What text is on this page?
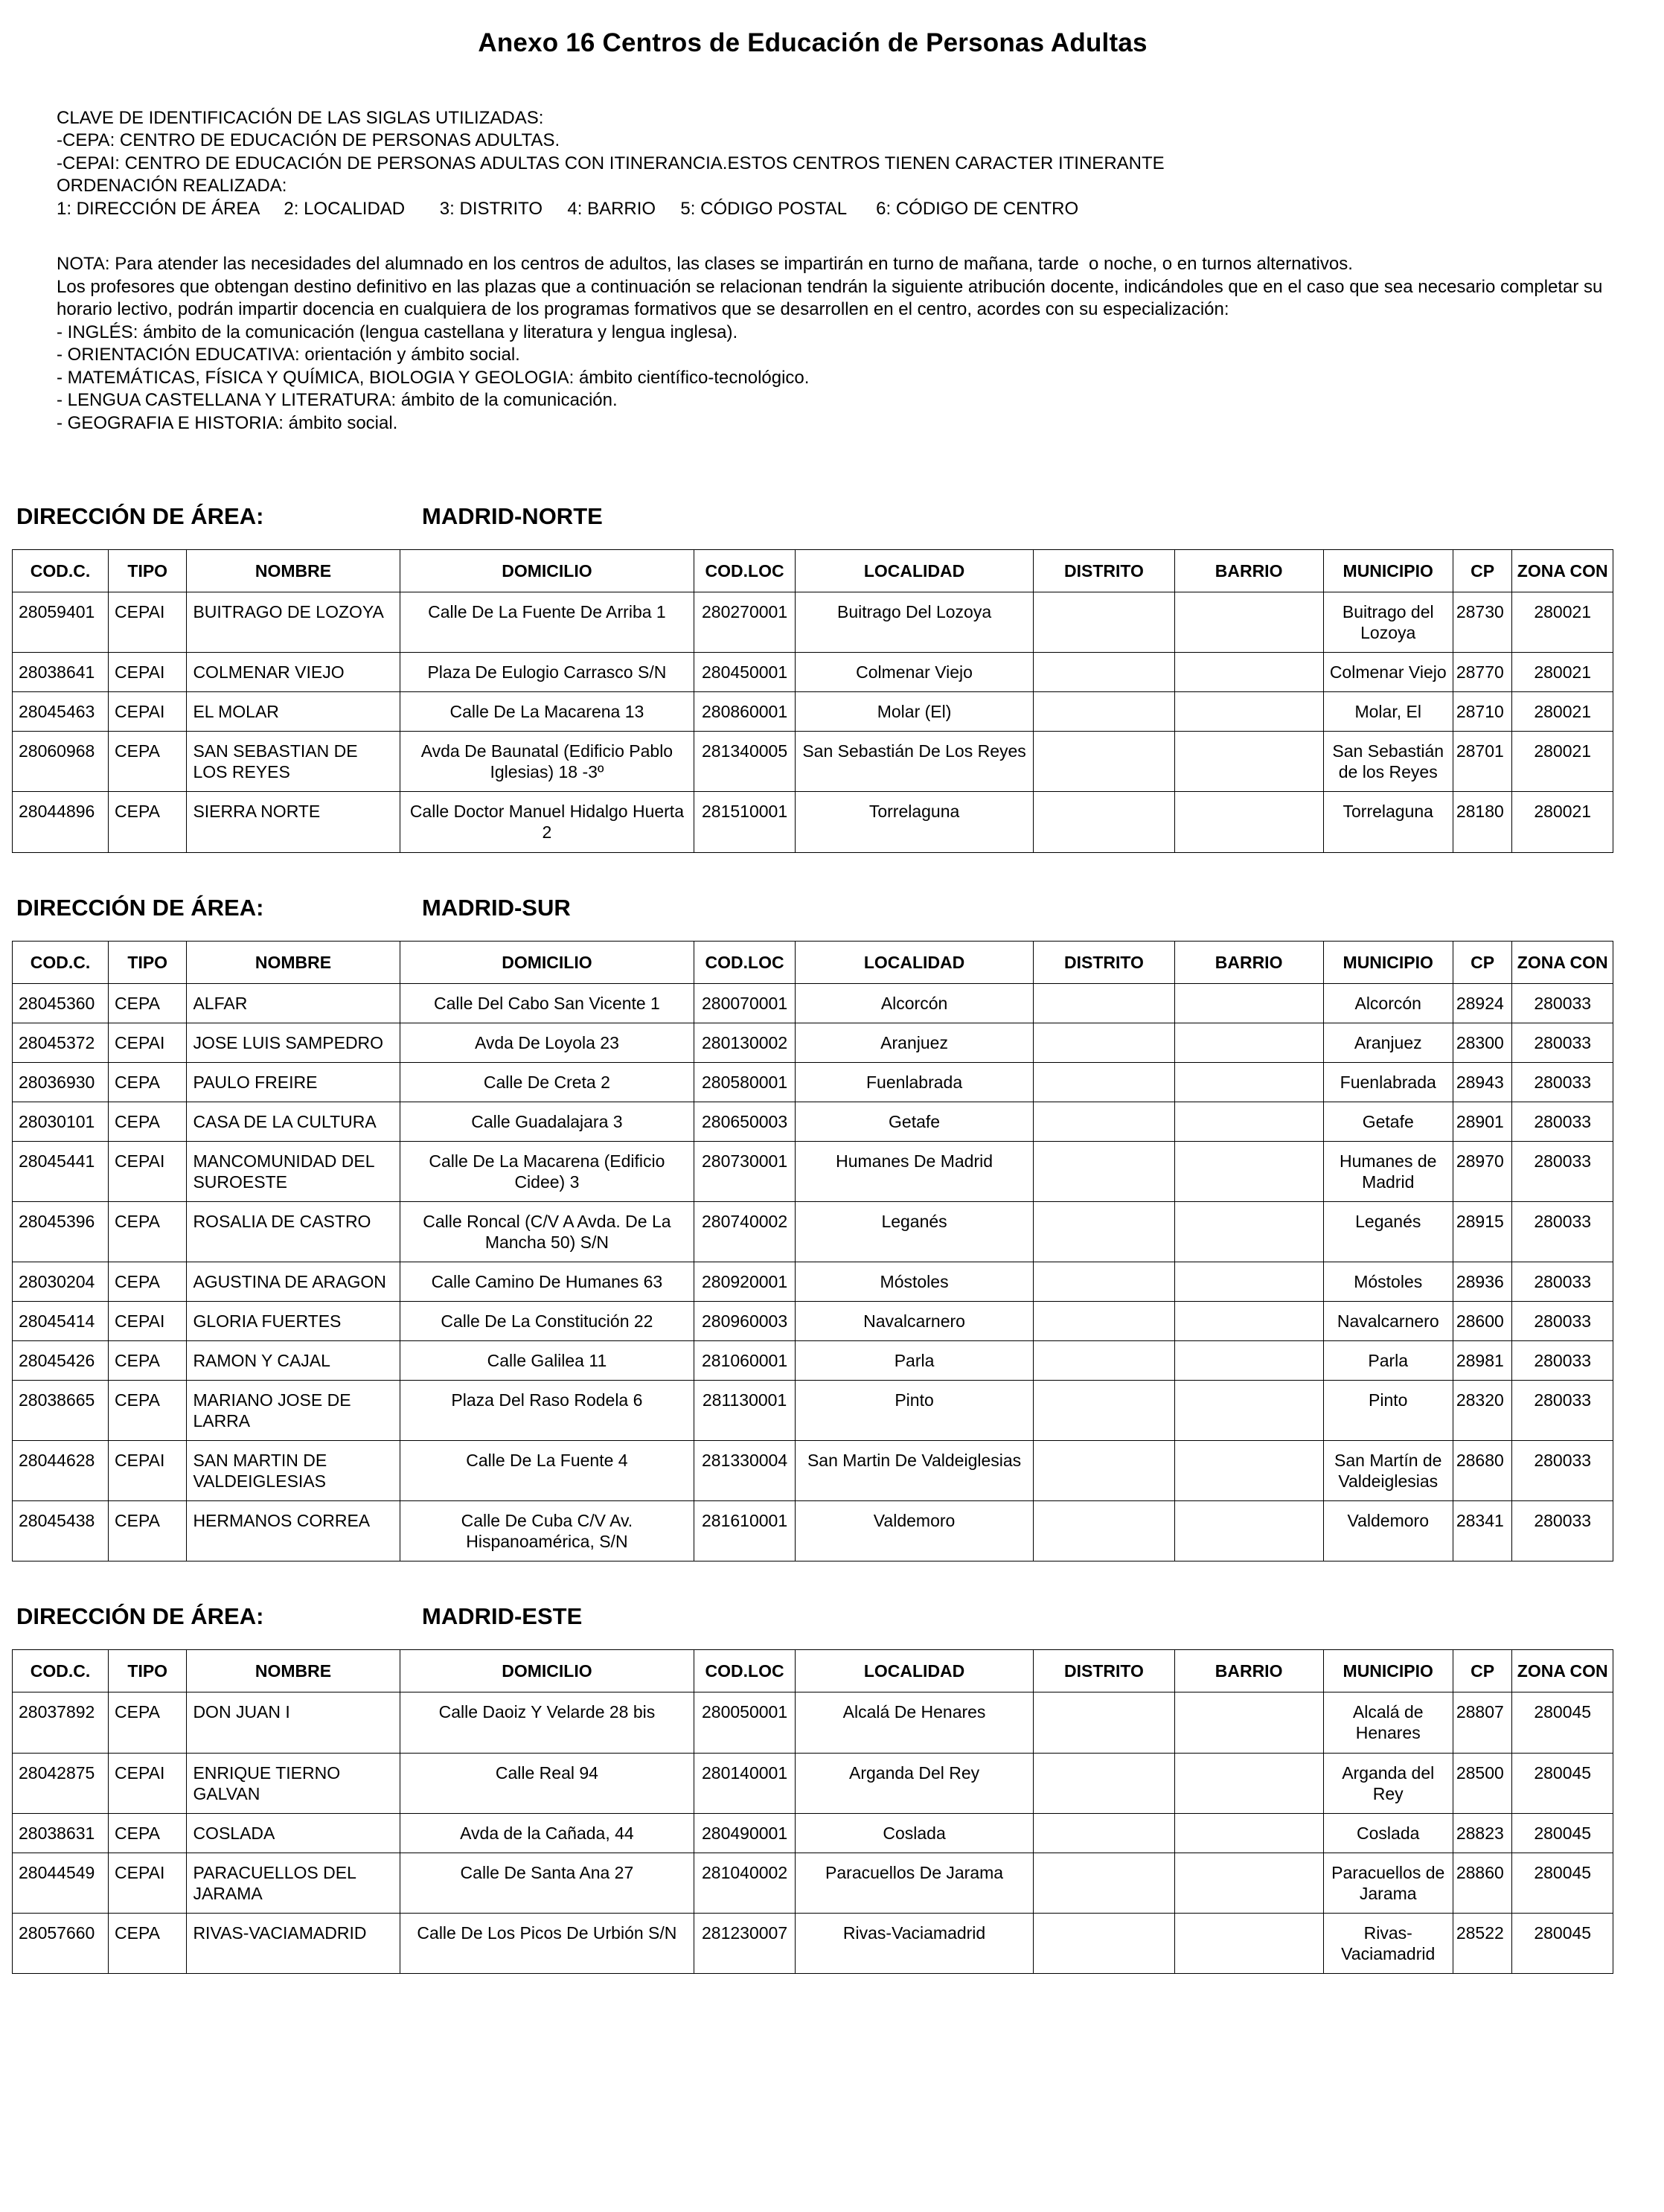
Anexo 16 Centros de Educación de Personas Adultas
CLAVE DE IDENTIFICACIÓN DE LAS SIGLAS UTILIZADAS:
-CEPA: CENTRO DE EDUCACIÓN DE PERSONAS ADULTAS.
-CEPAI: CENTRO DE EDUCACIÓN DE PERSONAS ADULTAS CON ITINERANCIA.ESTOS CENTROS TIENEN CARACTER ITINERANTE
ORDENACIÓN REALIZADA:
1: DIRECCIÓN DE ÁREA     2: LOCALIDAD       3: DISTRITO     4: BARRIO     5: CÓDIGO POSTAL      6: CÓDIGO DE CENTRO
NOTA: Para atender las necesidades del alumnado en los centros de adultos, las clases se impartirán en turno de mañana, tarde  o noche, o en turnos alternativos.
Los profesores que obtengan destino definitivo en las plazas que a continuación se relacionan tendrán la siguiente atribución docente, indicándoles que en el caso que sea necesario completar su horario lectivo, podrán impartir docencia en cualquiera de los programas formativos que se desarrollen en el centro, acordes con su especialización:
- INGLÉS: ámbito de la comunicación (lengua castellana y literatura y lengua inglesa).
- ORIENTACIÓN EDUCATIVA: orientación y ámbito social.
- MATEMÁTICAS, FÍSICA Y QUÍMICA, BIOLOGIA Y GEOLOGIA: ámbito científico-tecnológico.
- LENGUA CASTELLANA Y LITERATURA: ámbito de la comunicación.
- GEOGRAFIA E HISTORIA: ámbito social.
DIRECCIÓN DE ÁREA:	MADRID-NORTE
COD.C.	TIPO	NOMBRE	DOMICILIO	COD.LOC	LOCALIDAD	DISTRITO	BARRIO	MUNICIPIO	CP	ZONA CON
28059401	CEPAI	BUITRAGO DE LOZOYA	Calle De La Fuente De Arriba 1	280270001	Buitrago Del Lozoya			Buitrago del Lozoya	28730	280021
28038641	CEPAI	COLMENAR VIEJO	Plaza De Eulogio Carrasco S/N	280450001	Colmenar Viejo			Colmenar Viejo	28770	280021
28045463	CEPAI	EL MOLAR	Calle De La Macarena 13	280860001	Molar (El)			Molar, El	28710	280021
28060968	CEPA	SAN SEBASTIAN DE LOS REYES	Avda De Baunatal (Edificio Pablo Iglesias) 18 -3º	281340005	San Sebastián De Los Reyes			San Sebastián de los Reyes	28701	280021
28044896	CEPA	SIERRA NORTE	Calle Doctor Manuel Hidalgo Huerta 2	281510001	Torrelaguna			Torrelaguna	28180	280021
DIRECCIÓN DE ÁREA:	MADRID-SUR
COD.C.	TIPO	NOMBRE	DOMICILIO	COD.LOC	LOCALIDAD	DISTRITO	BARRIO	MUNICIPIO	CP	ZONA CON
28045360	CEPA	ALFAR	Calle Del Cabo San Vicente 1	280070001	Alcorcón			Alcorcón	28924	280033
28045372	CEPAI	JOSE LUIS SAMPEDRO	Avda De Loyola 23	280130002	Aranjuez			Aranjuez	28300	280033
28036930	CEPA	PAULO FREIRE	Calle De Creta 2	280580001	Fuenlabrada			Fuenlabrada	28943	280033
28030101	CEPA	CASA DE LA CULTURA	Calle Guadalajara 3	280650003	Getafe			Getafe	28901	280033
28045441	CEPAI	MANCOMUNIDAD DEL SUROESTE	Calle De La Macarena (Edificio Cidee) 3	280730001	Humanes De Madrid			Humanes de Madrid	28970	280033
28045396	CEPA	ROSALIA DE CASTRO	Calle Roncal (C/V A Avda. De La Mancha 50) S/N	280740002	Leganés			Leganés	28915	280033
28030204	CEPA	AGUSTINA DE ARAGON	Calle Camino De Humanes 63	280920001	Móstoles			Móstoles	28936	280033
28045414	CEPAI	GLORIA FUERTES	Calle De La Constitución 22	280960003	Navalcarnero			Navalcarnero	28600	280033
28045426	CEPA	RAMON Y CAJAL	Calle Galilea 11	281060001	Parla			Parla	28981	280033
28038665	CEPA	MARIANO JOSE DE LARRA	Plaza Del Raso Rodela 6	281130001	Pinto			Pinto	28320	280033
28044628	CEPAI	SAN MARTIN DE VALDEIGLESIAS	Calle De La Fuente 4	281330004	San Martin De Valdeiglesias			San Martín de Valdeiglesias	28680	280033
28045438	CEPA	HERMANOS CORREA	Calle De Cuba C/V Av. Hispanoamérica, S/N	281610001	Valdemoro			Valdemoro	28341	280033
DIRECCIÓN DE ÁREA:	MADRID-ESTE
COD.C.	TIPO	NOMBRE	DOMICILIO	COD.LOC	LOCALIDAD	DISTRITO	BARRIO	MUNICIPIO	CP	ZONA CON
28037892	CEPA	DON JUAN I	Calle Daoiz Y Velarde 28 bis	280050001	Alcalá De Henares			Alcalá de Henares	28807	280045
28042875	CEPAI	ENRIQUE TIERNO GALVAN	Calle Real 94	280140001	Arganda Del Rey			Arganda del Rey	28500	280045
28038631	CEPA	COSLADA	Avda de la Cañada, 44	280490001	Coslada			Coslada	28823	280045
28044549	CEPAI	PARACUELLOS DEL JARAMA	Calle De Santa Ana 27	281040002	Paracuellos De Jarama			Paracuellos de Jarama	28860	280045
28057660	CEPA	RIVAS-VACIAMADRID	Calle De Los Picos De Urbión S/N	281230007	Rivas-Vaciamadrid			Rivas-Vaciamadrid	28522	280045
